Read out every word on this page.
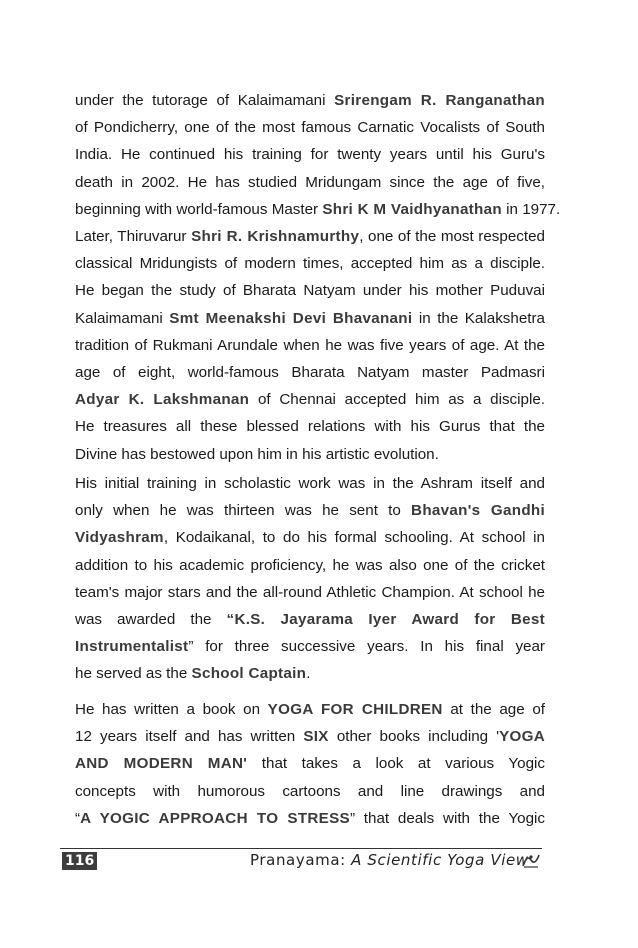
under the tutorage of Kalaimamani Srirengam R. Ranganathan
of Pondicherry, one of the most famous Carnatic Vocalists of South
India. He continued his training for twenty years until his Guru's
death in 2002. He has studied Mridungam since the age of five,
beginning with world-famous Master Shri K M Vaidhyanathan in 1977.
Later, Thiruvarur Shri R. Krishnamurthy, one of the most respected
classical Mridungists of modern times, accepted him as a disciple.
He began the study of Bharata Natyam under his mother Puduvai
Kalaimamani Smt Meenakshi Devi Bhavanani in the Kalakshetra
tradition of Rukmani Arundale when he was five years of age. At the
age of eight, world-famous Bharata Natyam master Padmasri
Adyar K. Lakshmanan of Chennai accepted him as a disciple.
He treasures all these blessed relations with his Gurus that the
Divine has bestowed upon him in his artistic evolution.

His initial training in scholastic work was in the Ashram itself and
only when he was thirteen was he sent to Bhavan's Gandhi
Vidyashram, Kodaikanal, to do his formal schooling. At school in
addition to his academic proficiency, he was also one of the cricket
team's major stars and the all-round Athletic Champion. At school he
was awarded the “K.S. Jayarama Iyer Award for Best
Instrumentalist” for three successive years. In his final year
he served as the School Captain.

He has written a book on YOGA FOR CHILDREN at the age of
12 years itself and has written SIX other books including 'YOGA
AND MODERN MAN' that takes a look at various Yogic
concepts with humorous cartoons and line drawings and
“A YOGIC APPROACH TO STRESS” that deals with the Yogic

116	Pranayama: A Scientific Yoga View
